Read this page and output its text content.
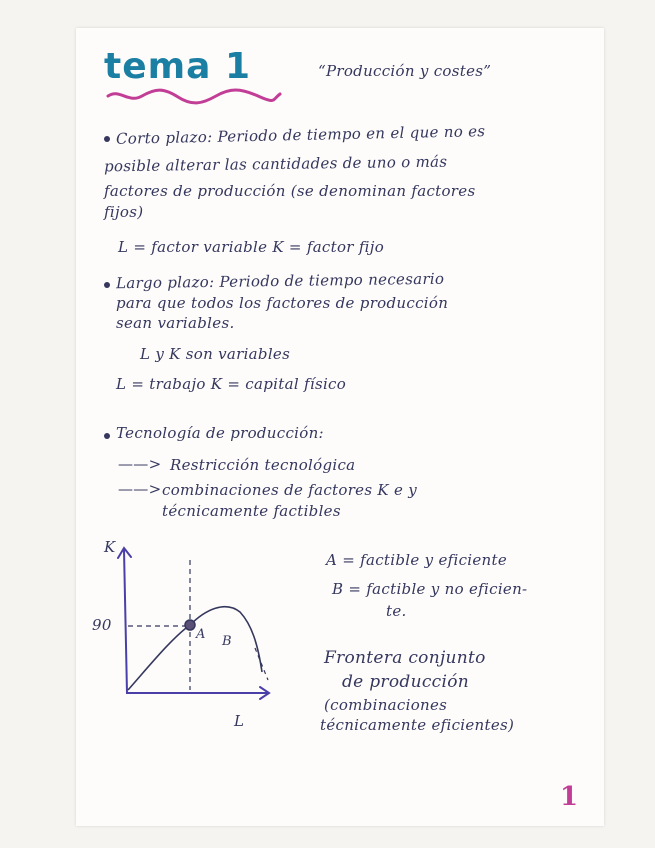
tema 1	“Producción y costes”
Corto plazo: Periodo de tiempo en el que no es
posible alterar las cantidades de uno o más
factores de producción (se denominan factores
fijos)
L = factor variable K = factor fijo
Largo plazo: Periodo de tiempo necesario
para que todos los factores de producción
sean variables.
L y K son variables
L = trabajo K = capital físico
Tecnología de producción:
——> Restricción tecnológica
——> combinaciones de factores K e y
técnicamente factibles
K
L
90
A B
A = factible y eficiente
B = factible y no eficien-
te.
Frontera conjunto
de producción
(combinaciones
técnicamente eficientes)
1
